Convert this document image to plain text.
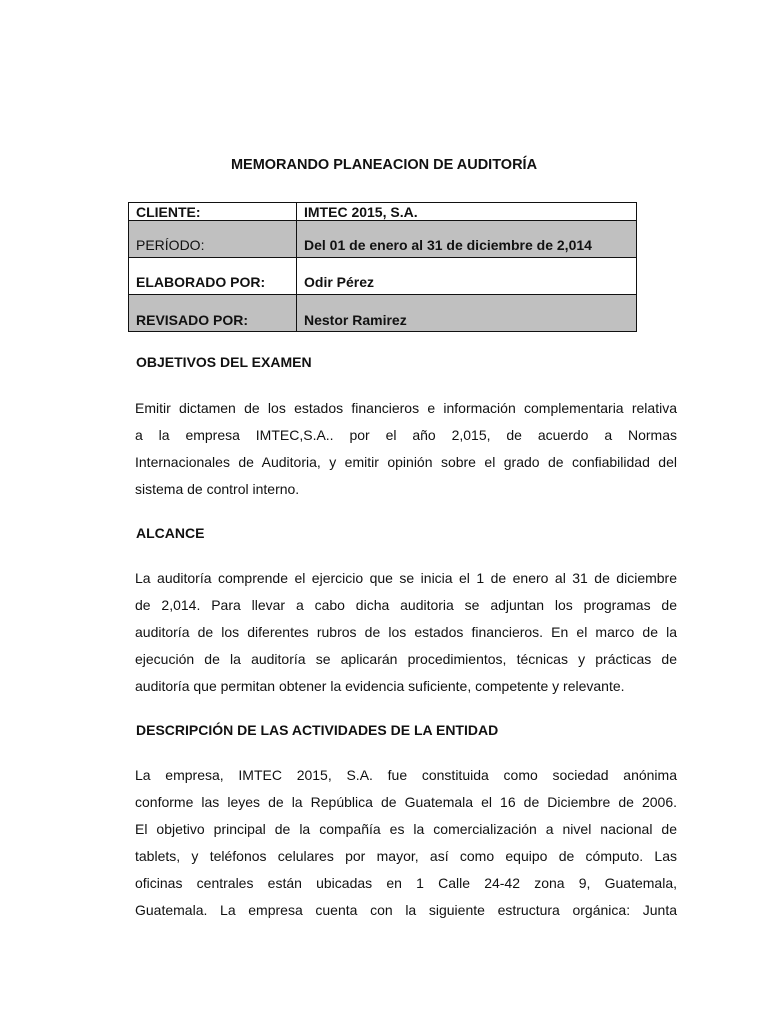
MEMORANDO PLANEACION DE AUDITORÍA
CLIENTE:	IMTEC 2015, S.A.
PERÍODO:	Del 01 de enero al 31 de diciembre de 2,014
ELABORADO POR:	Odir Pérez
REVISADO POR:	Nestor Ramirez
OBJETIVOS DEL EXAMEN
Emitir dictamen de los estados financieros e información complementaria relativa
a la empresa IMTEC,S.A.. por el año 2,015, de acuerdo a Normas
Internacionales de Auditoria, y emitir opinión sobre el grado de confiabilidad del
sistema de control interno.
ALCANCE
La auditoría comprende el ejercicio que se inicia el 1 de enero al 31 de diciembre
de 2,014. Para llevar a cabo dicha auditoria se adjuntan los programas de
auditoría de los diferentes rubros de los estados financieros. En el marco de la
ejecución de la auditoría se aplicarán procedimientos, técnicas y prácticas de
auditoría que permitan obtener la evidencia suficiente, competente y relevante.
DESCRIPCIÓN DE LAS ACTIVIDADES DE LA ENTIDAD
La empresa, IMTEC 2015, S.A. fue constituida como sociedad anónima
conforme las leyes de la República de Guatemala el 16 de Diciembre de 2006.
El objetivo principal de la compañía es la comercialización a nivel nacional de
tablets, y teléfonos celulares por mayor, así como equipo de cómputo. Las
oficinas centrales están ubicadas en 1 Calle 24-42 zona 9, Guatemala,
Guatemala. La empresa cuenta con la siguiente estructura orgánica: Junta
